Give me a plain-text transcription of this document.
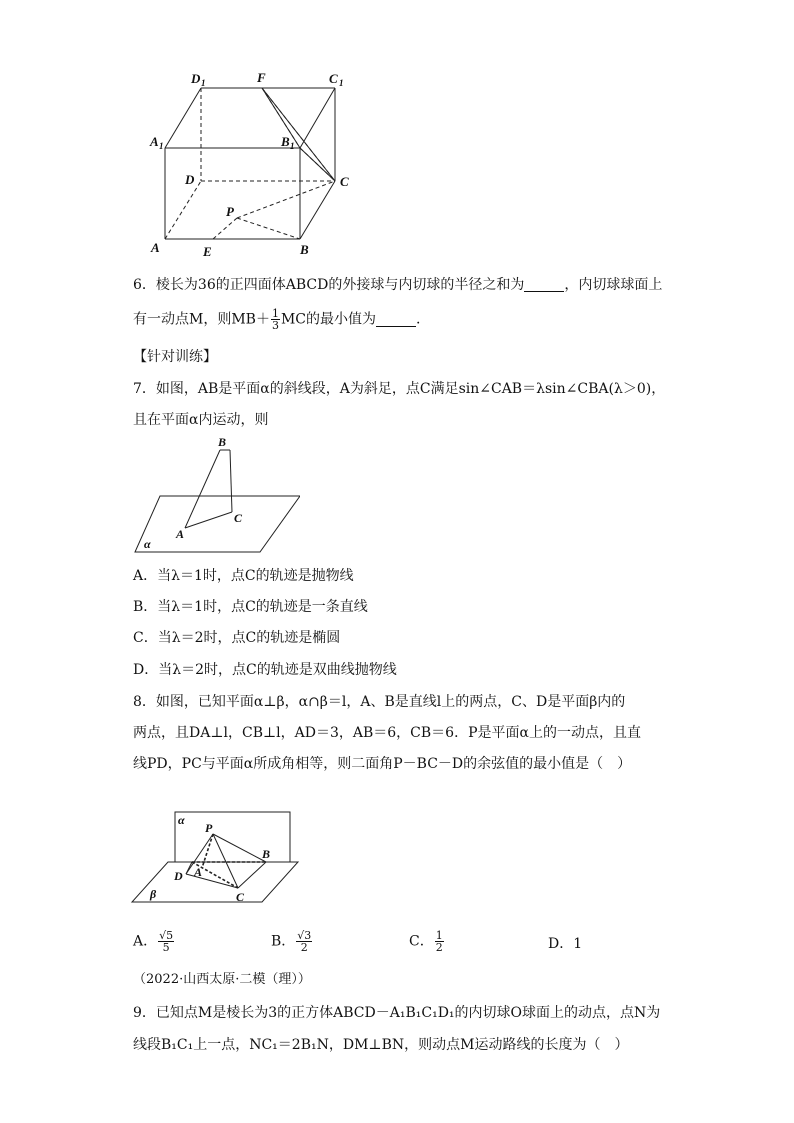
D 1	F	C 1
A 1	B 1
D	C
P
A	E	B
6．棱长为36的正四面体ABCD的外接球与内切球的半径之和为	，内切球球面上
有一动点M，则$MB+ \frac{1}{3}$ MC的最小值为	.
【针对训练】
7．如图，AB是平面α的斜线段，A为斜足，点C满足sin∠CAB＝λsin∠CBA(λ＞0)，
且在平面α内运动，则
B
A
C
α
A．当λ＝1时，点C的轨迹是抛物线
B．当λ＝1时，点C的轨迹是一条直线
C．当λ＝2时，点C的轨迹是椭圆
D．当λ＝2时，点C的轨迹是双曲线抛物线
8．如图，已知平面α⊥β，α∩β＝l，A、B是直线l上的两点，C、D是平面β内的
两点，且DA⊥l，CB⊥l，AD＝3，AB＝6，CB＝6．P是平面α上的一动点，且直
线PD，PC与平面α所成角相等，则二面角P－BC－D的余弦值的最小值是（　）
α
P
B
D A
C
β
A． $\frac{√5}{5}$	B． $\frac{√3}{2}$	C． $\frac{1}{2}$	D．1
（2022·山西太原·二模（理））
9．已知点M是棱长为3的正方体ABCD－A₁B₁C₁D₁的内切球O球面上的动点，点N为
线段B₁C₁上一点，NC₁＝2B₁N，DM⊥BN，则动点M运动路线的长度为（　）
